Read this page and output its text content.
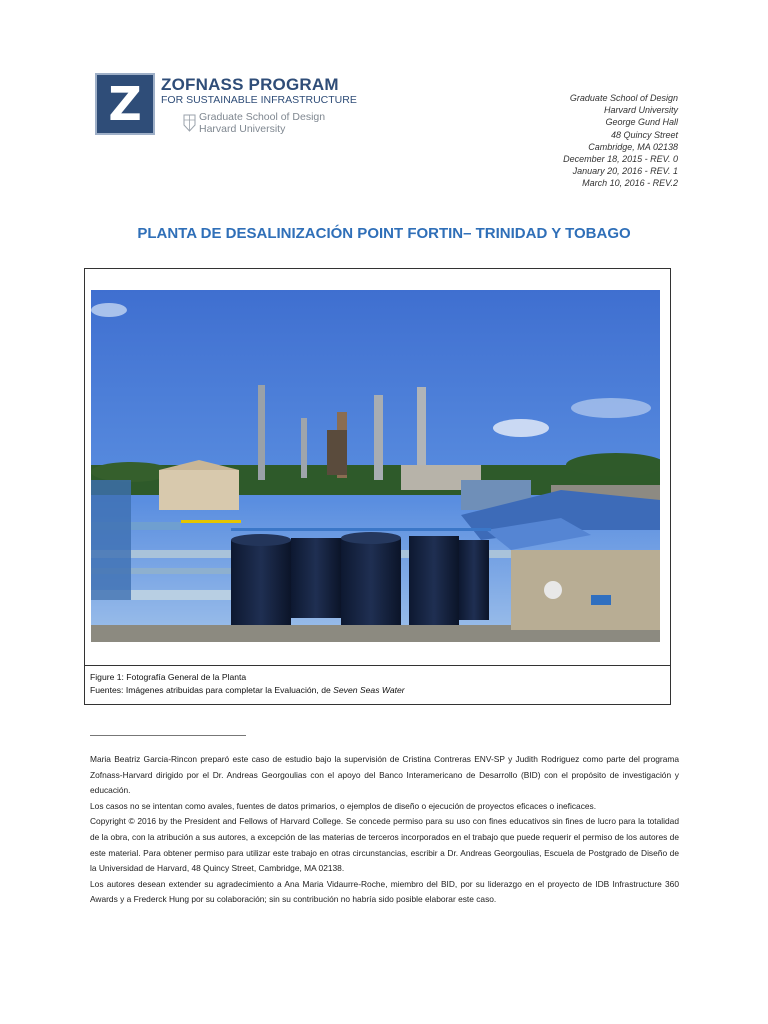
Z ZOFNASS PROGRAM
FOR SUSTAINABLE INFRASTRUCTURE
Graduate School of Design
Harvard University
Graduate School of Design
Harvard University
George Gund Hall
48 Quincy Street
Cambridge, MA 02138
December 18, 2015 - REV. 0
January 20, 2016 - REV. 1
March 10, 2016 - REV.2
PLANTA DE DESALINIZACIÓN POINT FORTIN– TRINIDAD Y TOBAGO
Figure 1: Fotografía General de la Planta
Fuentes: Imágenes atribuidas para completar la Evaluación, de Seven Seas Water

Maria Beatriz Garcia-Rincon preparó este caso de estudio bajo la supervisión de Cristina Contreras ENV-SP y Judith Rodriguez como parte del programa Zofnass-Harvard dirigido por el Dr. Andreas Georgoulias con el apoyo del Banco Interamericano de Desarrollo (BID) con el propósito de investigación y educación.

Los casos no se intentan como avales, fuentes de datos primarios, o ejemplos de diseño o ejecución de proyectos eficaces o ineficaces.

Copyright © 2016 by the President and Fellows of Harvard College. Se concede permiso para su uso con fines educativos sin fines de lucro para la totalidad de la obra, con la atribución a sus autores, a excepción de las materias de terceros incorporados en el trabajo que puede requerir el permiso de los autores de este material. Para obtener permiso para utilizar este trabajo en otras circunstancias, escribir a Dr. Andreas Georgoulias, Escuela de Postgrado de Diseño de la Universidad de Harvard, 48 Quincy Street, Cambridge, MA 02138.

Los autores desean extender su agradecimiento a Ana Maria Vidaurre-Roche, miembro del BID, por su liderazgo en el proyecto de IDB Infrastructure 360 Awards y a Frederck Hung por su colaboración; sin su contribución no habría sido posible elaborar este caso.
